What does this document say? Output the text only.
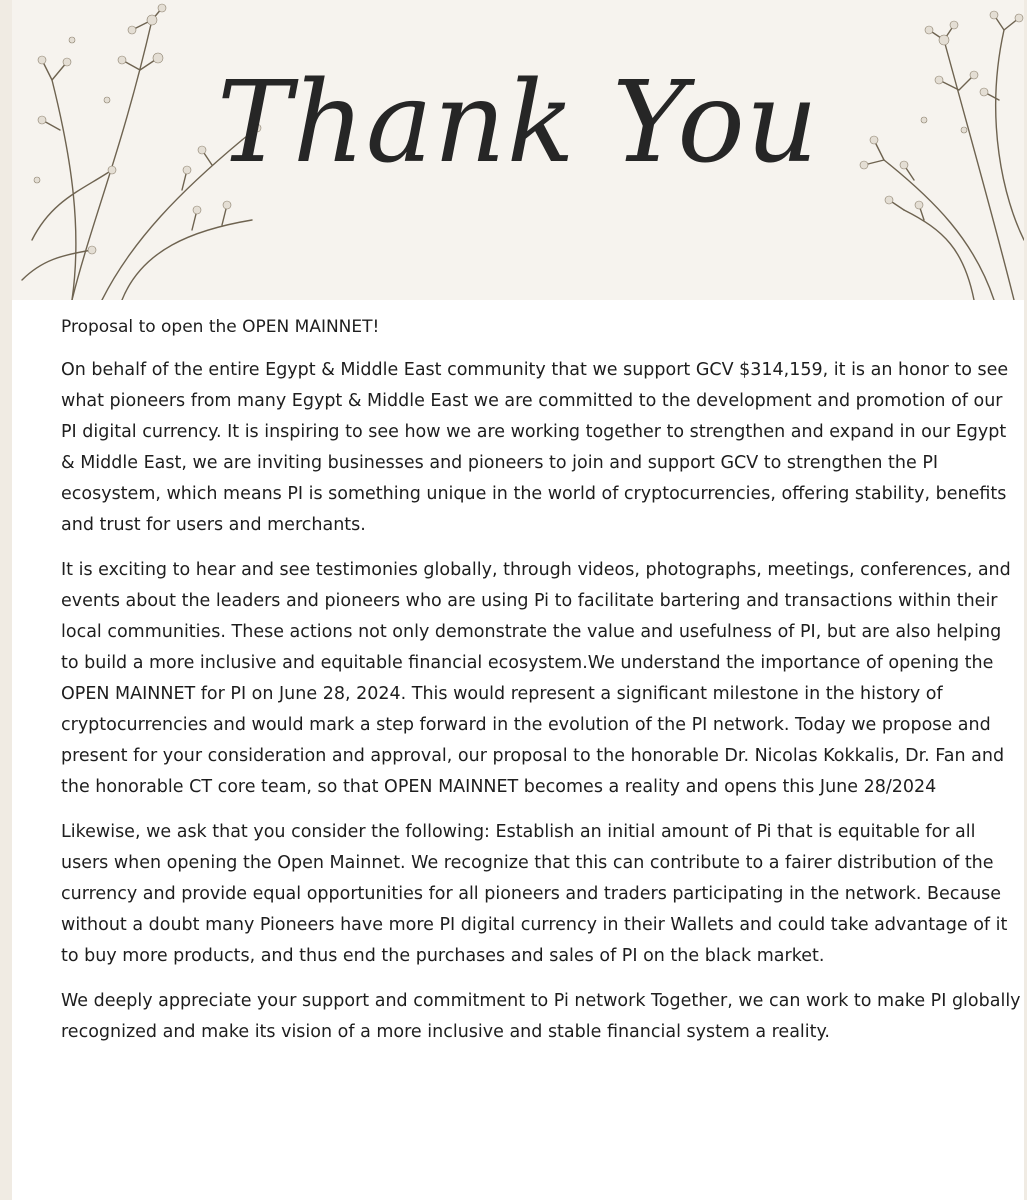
Thank You

Proposal to open the OPEN MAINNET!

On behalf of the entire Egypt & Middle East community that we support GCV $314,159, it is an honor to see what pioneers from many Egypt & Middle East we are committed to the development and promotion of our PI digital currency. It is inspiring to see how we are working together to strengthen and expand in our Egypt & Middle East, we are inviting businesses and pioneers to join and support GCV to strengthen the PI ecosystem, which means PI is something unique in the world of cryptocurrencies, offering stability, benefits and trust for users and merchants.

It is exciting to hear and see testimonies globally, through videos, photographs, meetings, conferences, and events about the leaders and pioneers who are using Pi to facilitate bartering and transactions within their local communities. These actions not only demonstrate the value and usefulness of PI, but are also helping to build a more inclusive and equitable financial ecosystem.We understand the importance of opening the OPEN MAINNET for PI on June 28, 2024. This would represent a significant milestone in the history of cryptocurrencies and would mark a step forward in the evolution of the PI network. Today we propose and present for your consideration and approval, our proposal to the honorable Dr. Nicolas Kokkalis, Dr. Fan and the honorable CT core team, so that OPEN MAINNET becomes a reality and opens this June 28/2024

Likewise, we ask that you consider the following: Establish an initial amount of Pi that is equitable for all users when opening the Open Mainnet. We recognize that this can contribute to a fairer distribution of the currency and provide equal opportunities for all pioneers and traders participating in the network. Because without a doubt many Pioneers have more PI digital currency in their Wallets and could take advantage of it to buy more products, and thus end the purchases and sales of PI on the black market.

We deeply appreciate your support and commitment to Pi network Together, we can work to make PI globally recognized and make its vision of a more inclusive and stable financial system a reality.
